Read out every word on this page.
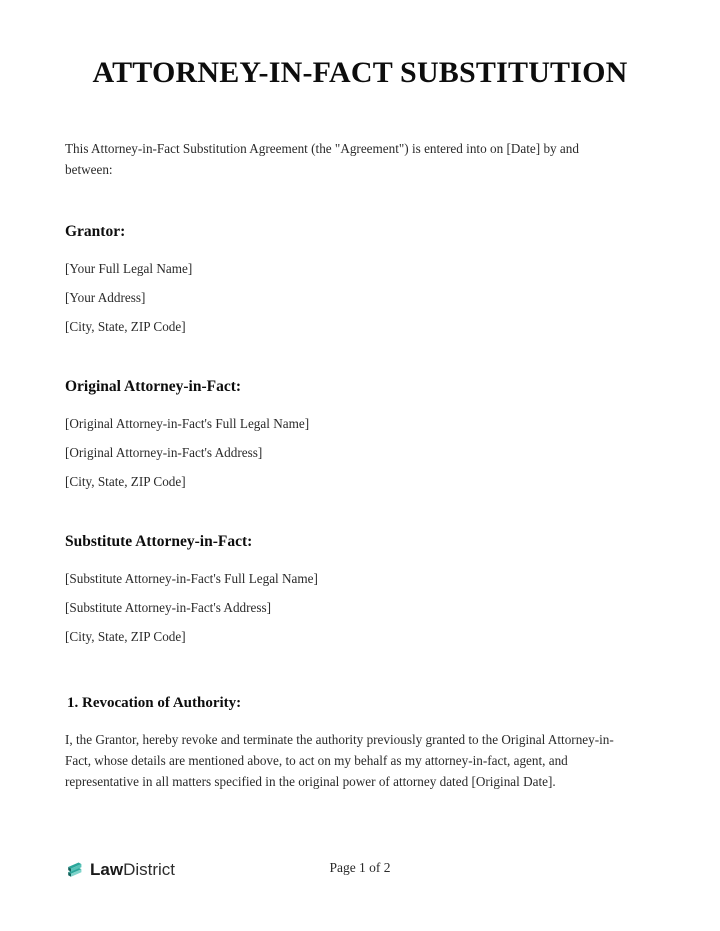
ATTORNEY-IN-FACT SUBSTITUTION

This Attorney-in-Fact Substitution Agreement (the "Agreement") is entered into on [Date] by and between:

Grantor:

[Your Full Legal Name]

[Your Address]

[City, State, ZIP Code]

Original Attorney-in-Fact:

[Original Attorney-in-Fact's Full Legal Name]

[Original Attorney-in-Fact's Address]

[City, State, ZIP Code]

Substitute Attorney-in-Fact:

[Substitute Attorney-in-Fact's Full Legal Name]

[Substitute Attorney-in-Fact's Address]

[City, State, ZIP Code]

1. Revocation of Authority:

I, the Grantor, hereby revoke and terminate the authority previously granted to the Original Attorney-in-Fact, whose details are mentioned above, to act on my behalf as my attorney-in-fact, agent, and representative in all matters specified in the original power of attorney dated [Original Date].

LawDistrict	Page 1 of 2
